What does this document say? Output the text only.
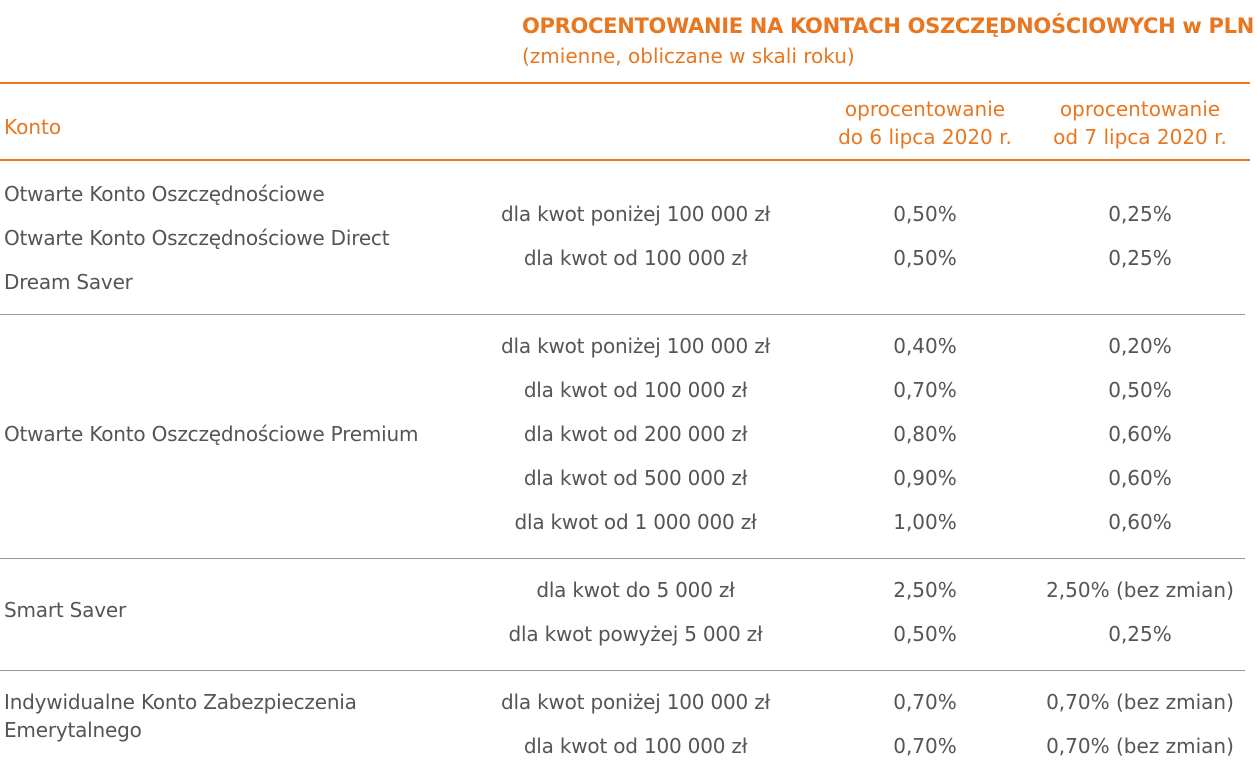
OPROCENTOWANIE NA KONTACH OSZCZĘDNOŚCIOWYCH w PLN
(zmienne, obliczane w skali roku)
Konto
oprocentowanie
do 6 lipca 2020 r.
oprocentowanie
od 7 lipca 2020 r.
Otwarte Konto Oszczędnościowe
Otwarte Konto Oszczędnościowe Direct
Dream Saver
dla kwot poniżej 100 000 zł	0,50%	0,25%
dla kwot od 100 000 zł	0,50%	0,25%
Otwarte Konto Oszczędnościowe Premium
dla kwot poniżej 100 000 zł	0,40%	0,20%
dla kwot od 100 000 zł	0,70%	0,50%
dla kwot od 200 000 zł	0,80%	0,60%
dla kwot od 500 000 zł	0,90%	0,60%
dla kwot od 1 000 000 zł	1,00%	0,60%
Smart Saver
dla kwot do 5 000 zł	2,50%	2,50% (bez zmian)
dla kwot powyżej 5 000 zł	0,50%	0,25%
Indywidualne Konto Zabezpieczenia
Emerytalnego
dla kwot poniżej 100 000 zł	0,70%	0,70% (bez zmian)
dla kwot od 100 000 zł	0,70%	0,70% (bez zmian)
